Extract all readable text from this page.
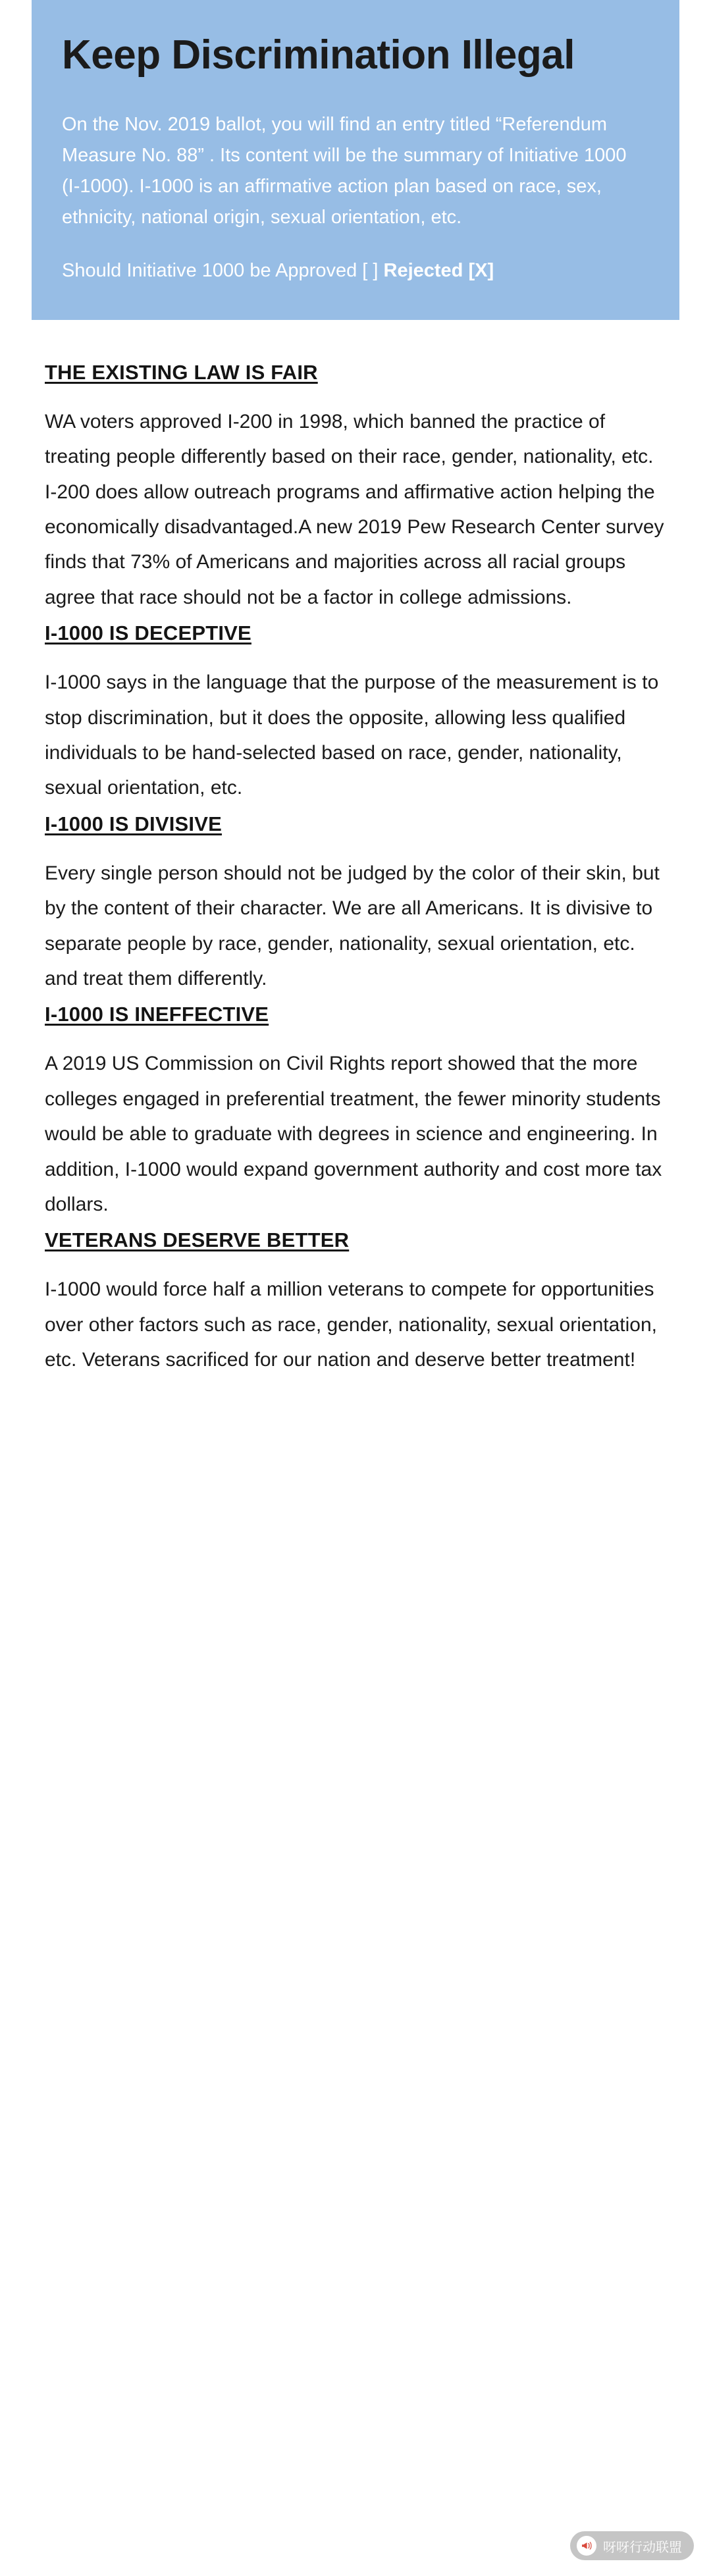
Keep Discrimination Illegal

On the Nov. 2019 ballot, you will find an entry titled “Referendum Measure No. 88” . Its content will be the summary of Initiative 1000 (I-1000). I-1000 is an affirmative action plan based on race, sex, ethnicity, national origin, sexual orientation, etc.

Should Initiative 1000 be Approved [ ] Rejected [X]

THE EXISTING LAW IS FAIR

WA voters approved I-200 in 1998, which banned the practice of treating people differently based on their race, gender, nationality, etc. I-200 does allow outreach programs and affirmative action helping the economically disadvantaged.A new 2019 Pew Research Center survey finds that 73% of Americans and majorities across all racial groups agree that race should not be a factor in college admissions.

I-1000 IS DECEPTIVE

I-1000 says in the language that the purpose of the measurement is to stop discrimination, but it does the opposite, allowing less qualified individuals to be hand-selected based on race, gender, nationality, sexual orientation, etc.

I-1000 IS DIVISIVE

Every single person should not be judged by the color of their skin, but by the content of their character. We are all Americans. It is divisive to separate people by race, gender, nationality, sexual orientation, etc. and treat them differently.

I-1000 IS INEFFECTIVE

A 2019 US Commission on Civil Rights report showed that the more colleges engaged in preferential treatment, the fewer minority students would be able to graduate with degrees in science and engineering. In addition, I-1000 would expand government authority and cost more tax dollars.

VETERANS DESERVE BETTER

I-1000 would force half a million veterans to compete for opportunities over other factors such as race, gender, nationality, sexual orientation, etc. Veterans sacrificed for our nation and deserve better treatment!

呀呀行动联盟
